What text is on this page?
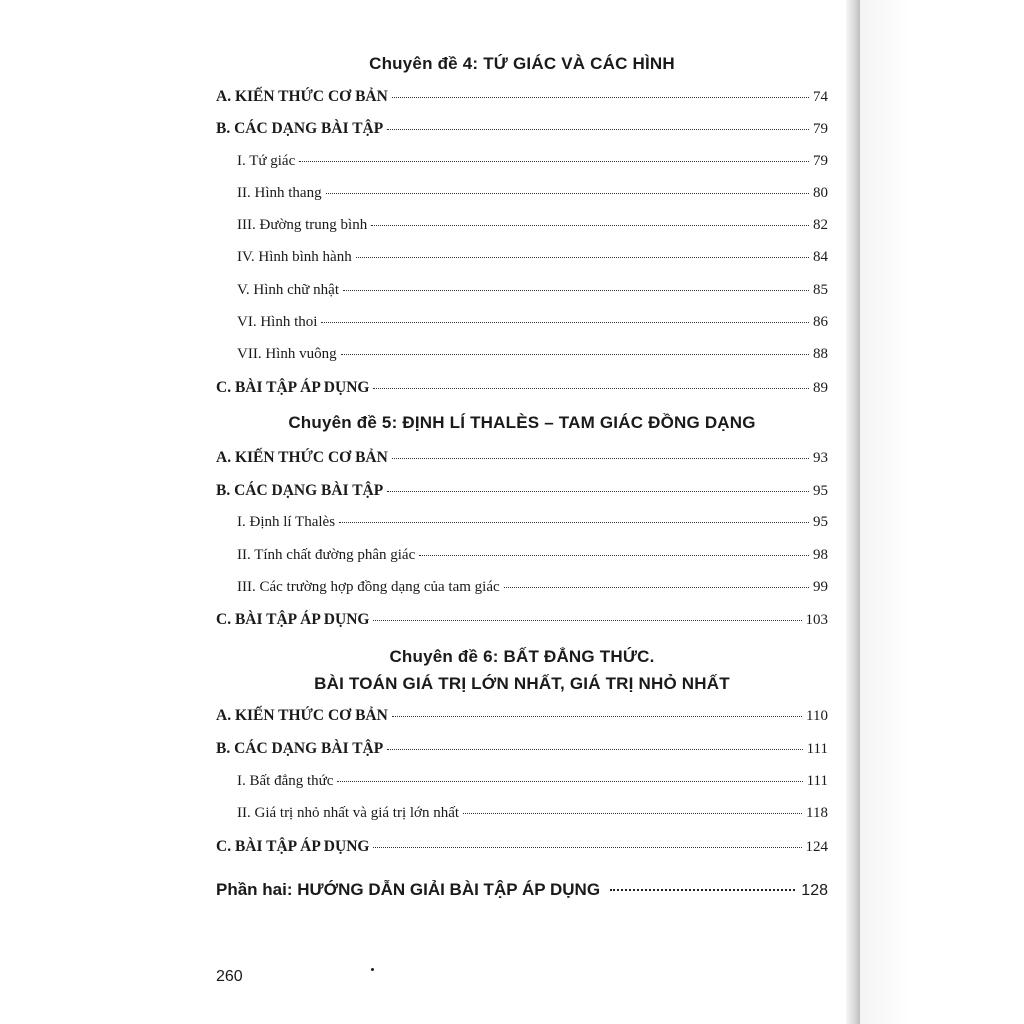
Chuyên đề 4: TỨ GIÁC VÀ CÁC HÌNH
A. KIẾN THỨC CƠ BẢN	74
B. CÁC DẠNG BÀI TẬP	79
I. Tứ giác	79
II. Hình thang	80
III. Đường trung bình	82
IV. Hình bình hành	84
V. Hình chữ nhật	85
VI. Hình thoi	86
VII. Hình vuông	88
C. BÀI TẬP ÁP DỤNG	89
Chuyên đề 5: ĐỊNH LÍ THALÈS – TAM GIÁC ĐỒNG DẠNG
A. KIẾN THỨC CƠ BẢN	93
B. CÁC DẠNG BÀI TẬP	95
I. Định lí Thalès	95
II. Tính chất đường phân giác	98
III. Các trường hợp đồng dạng của tam giác	99
C. BÀI TẬP ÁP DỤNG	103
Chuyên đề 6: BẤT ĐẲNG THỨC.
BÀI TOÁN GIÁ TRỊ LỚN NHẤT, GIÁ TRỊ NHỎ NHẤT
A. KIẾN THỨC CƠ BẢN	110
B. CÁC DẠNG BÀI TẬP	111
I. Bất đẳng thức	111
II. Giá trị nhỏ nhất và giá trị lớn nhất	118
C. BÀI TẬP ÁP DỤNG	124
Phần hai: HƯỚNG DẪN GIẢI BÀI TẬP ÁP DỤNG	128
260
